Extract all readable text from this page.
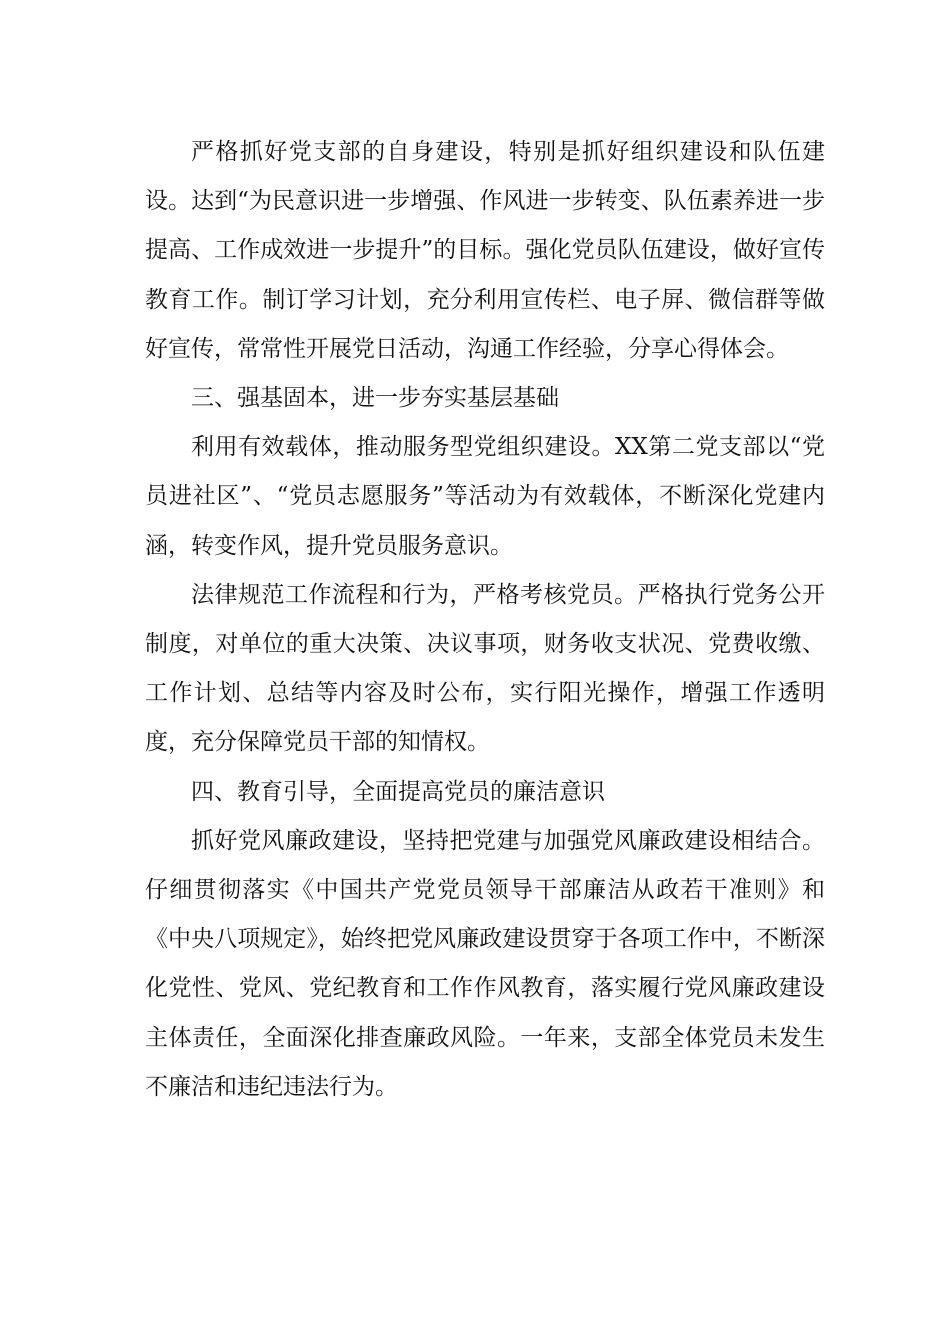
严格抓好党支部的自身建设，特别是抓好组织建设和队伍建设。达到“为民意识进一步增强、作风进一步转变、队伍素养进一步提高、工作成效进一步提升”的目标。强化党员队伍建设，做好宣传教育工作。制订学习计划，充分利用宣传栏、电子屏、微信群等做好宣传，常常性开展党日活动，沟通工作经验，分享心得体会。

三、强基固本，进一步夯实基层基础

利用有效载体，推动服务型党组织建设。XX第二党支部以“党员进社区”、“党员志愿服务”等活动为有效载体，不断深化党建内涵，转变作风，提升党员服务意识。

法律规范工作流程和行为，严格考核党员。严格执行党务公开制度，对单位的重大决策、决议事项，财务收支状况、党费收缴、工作计划、总结等内容及时公布，实行阳光操作，增强工作透明度，充分保障党员干部的知情权。

四、教育引导，全面提高党员的廉洁意识

抓好党风廉政建设，坚持把党建与加强党风廉政建设相结合。仔细贯彻落实《中国共产党党员领导干部廉洁从政若干准则》和《中央八项规定》，始终把党风廉政建设贯穿于各项工作中，不断深化党性、党风、党纪教育和工作作风教育，落实履行党风廉政建设主体责任，全面深化排查廉政风险。一年来，支部全体党员未发生不廉洁和违纪违法行为。
